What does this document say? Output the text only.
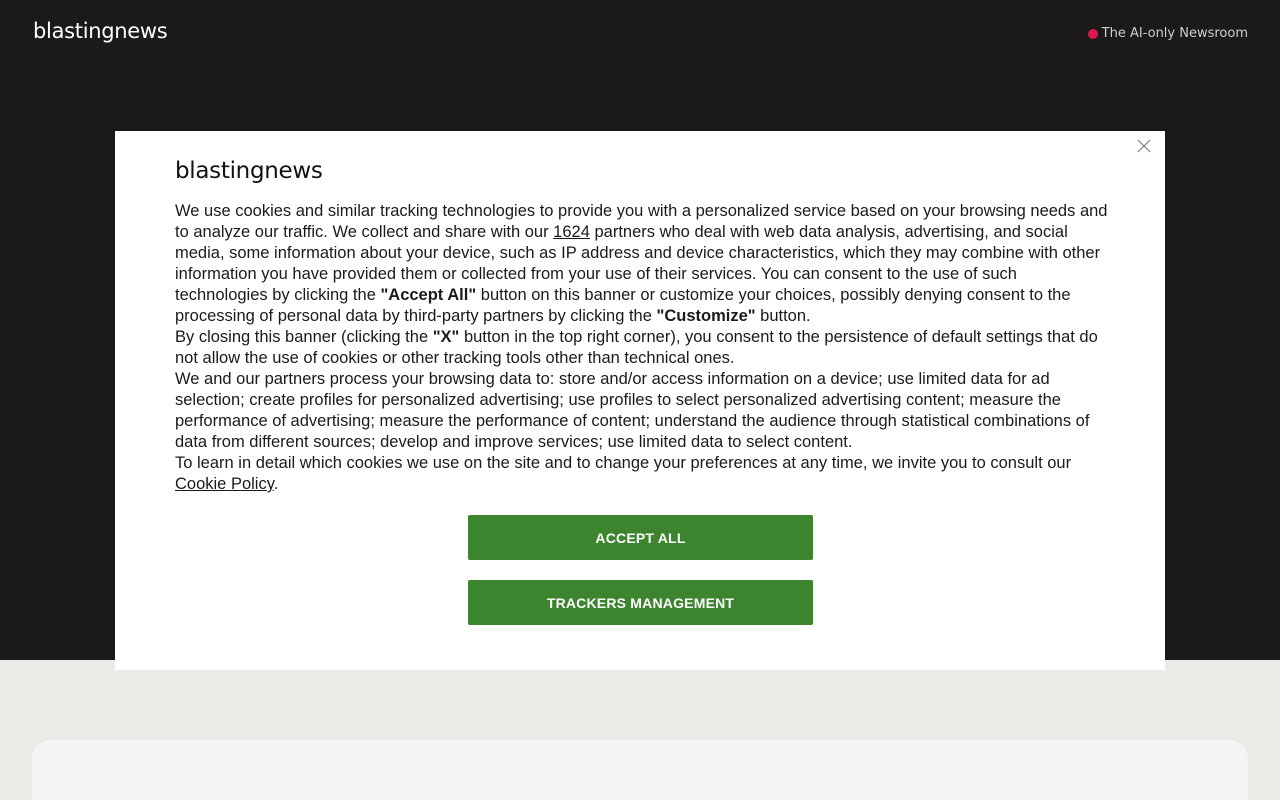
blastingnews	The AI-only Newsroom
blastingnews

We use cookies and similar tracking technologies to provide you with a personalized service based on your browsing needs and to analyze our traffic. We collect and share with our 1624 partners who deal with web data analysis, advertising, and social media, some information about your device, such as IP address and device characteristics, which they may combine with other information you have provided them or collected from your use of their services. You can consent to the use of such technologies by clicking the "Accept All" button on this banner or customize your choices, possibly denying consent to the processing of personal data by third-party partners by clicking the "Customize" button.

By closing this banner (clicking the "X" button in the top right corner), you consent to the persistence of default settings that do not allow the use of cookies or other tracking tools other than technical ones.

We and our partners process your browsing data to: store and/or access information on a device; use limited data for ad selection; create profiles for personalized advertising; use profiles to select personalized advertising content; measure the performance of advertising; measure the performance of content; understand the audience through statistical combinations of data from different sources; develop and improve services; use limited data to select content.

To learn in detail which cookies we use on the site and to change your preferences at any time, we invite you to consult our Cookie Policy.

ACCEPT ALL
TRACKERS MANAGEMENT
